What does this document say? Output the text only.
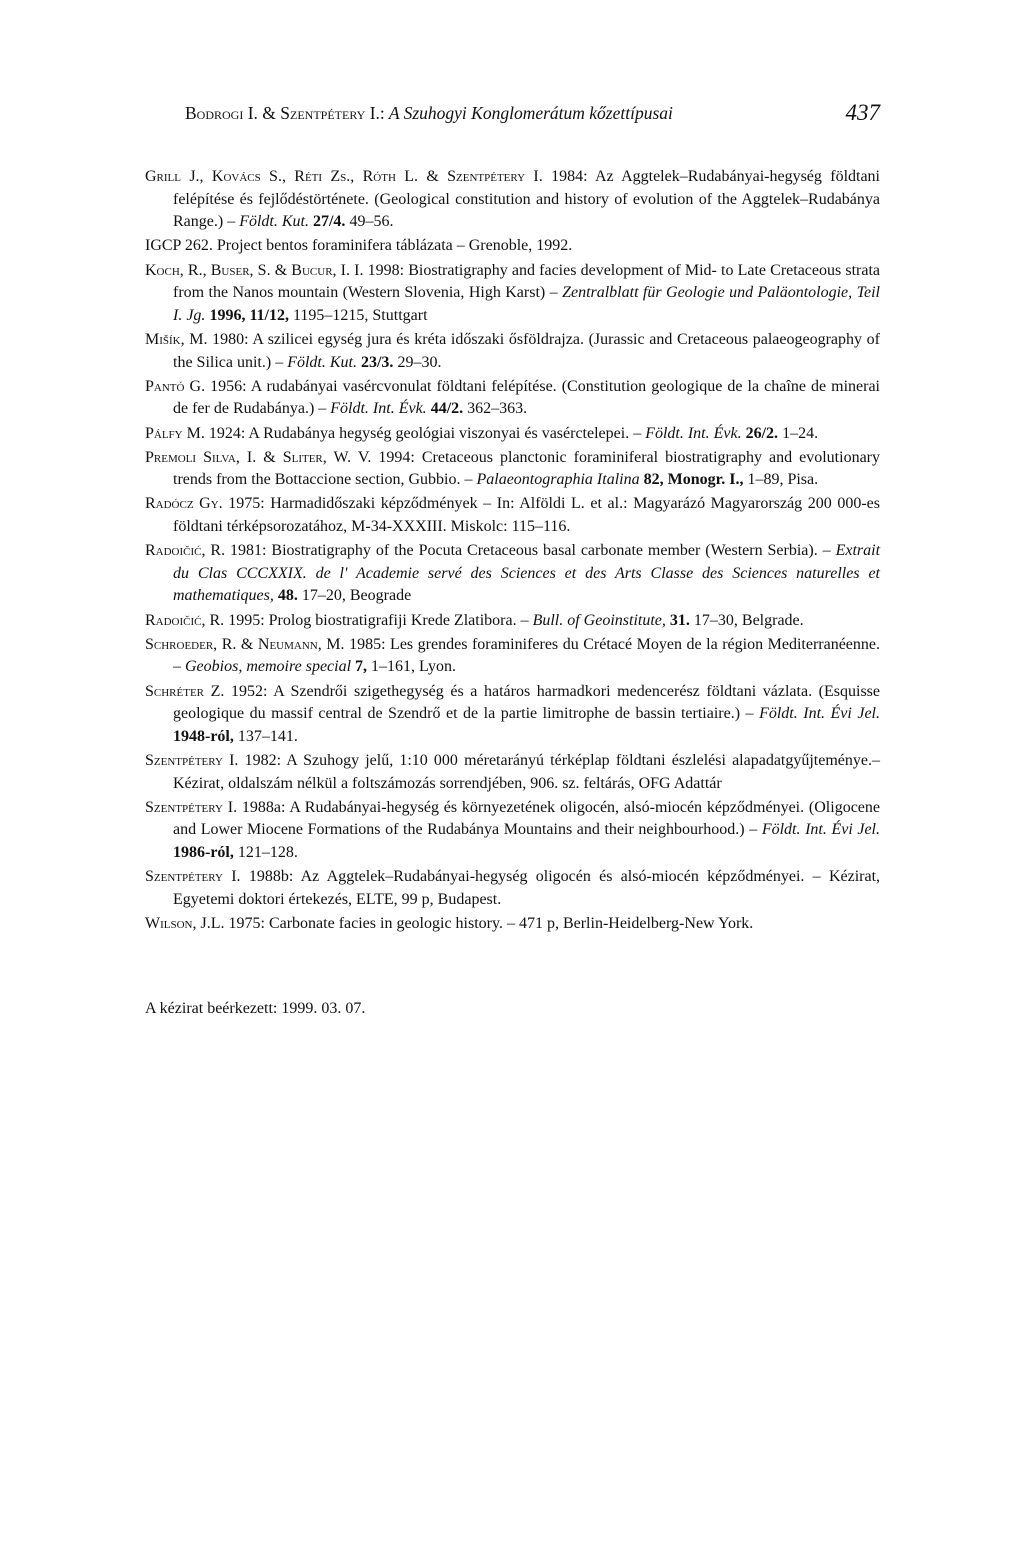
Bodrogi I. & Szentpétery I.: A Szuhogyi Konglomerátum kőzettípusai	437

Grill J., Kovács S., Réti Zs., Róth L. & Szentpétery I. 1984: Az Aggtelek–Rudabányai-hegység földtani felépítése és fejlődéstörténete. (Geological constitution and history of evolution of the Aggtelek–Rudabánya Range.) – Földt. Kut. 27/4. 49–56.

IGCP 262. Project bentos foraminifera táblázata – Grenoble, 1992.

Koch, R., Buser, S. & Bucur, I. I. 1998: Biostratigraphy and facies development of Mid- to Late Cretaceous strata from the Nanos mountain (Western Slovenia, High Karst) – Zentralblatt für Geologie und Paläontologie, Teil I. Jg. 1996, 11/12, 1195–1215, Stuttgart

Mišík, M. 1980: A szilicei egység jura és kréta időszaki ősföldrajza. (Jurassic and Cretaceous palaeogeography of the Silica unit.) – Földt. Kut. 23/3. 29–30.

Pantó G. 1956: A rudabányai vasércvonulat földtani felépítése. (Constitution geologique de la chaîne de minerai de fer de Rudabánya.) – Földt. Int. Évk. 44/2. 362–363.

Pálfy M. 1924: A Rudabánya hegység geológiai viszonyai és vasérctelepei. – Földt. Int. Évk. 26/2. 1–24.

Premoli Silva, I. & Sliter, W. V. 1994: Cretaceous planctonic foraminiferal biostratigraphy and evolutionary trends from the Bottaccione section, Gubbio. – Palaeontographia Italina 82, Monogr. I., 1–89, Pisa.

Radócz Gy. 1975: Harmadidőszaki képződmények – In: Alföldi L. et al.: Magyarázó Magyarország 200 000-es földtani térképsorozatához, M-34-XXXIII. Miskolc: 115–116.

Radoičić, R. 1981: Biostratigraphy of the Pocuta Cretaceous basal carbonate member (Western Serbia). – Extrait du Clas CCCXXIX. de l' Academie servé des Sciences et des Arts Classe des Sciences naturelles et mathematiques, 48. 17–20, Beograde

Radoičić, R. 1995: Prolog biostratigrafiji Krede Zlatibora. – Bull. of Geoinstitute, 31. 17–30, Belgrade.

Schroeder, R. & Neumann, M. 1985: Les grendes foraminiferes du Crétacé Moyen de la région Mediterranéenne. – Geobios, memoire special 7, 1–161, Lyon.

Schréter Z. 1952: A Szendrői szigethegység és a határos harmadkori medencerész földtani vázlata. (Esquisse geologique du massif central de Szendrő et de la partie limitrophe de bassin tertiaire.) – Földt. Int. Évi Jel. 1948-ról, 137–141.

Szentpétery I. 1982: A Szuhogy jelű, 1:10 000 méretarányú térképlap földtani észlelési alapadatgyűjteménye.– Kézirat, oldalszám nélkül a foltszámozás sorrendjében, 906. sz. feltárás, OFG Adattár

Szentpétery I. 1988a: A Rudabányai-hegység és környezetének oligocén, alsó-miocén képződményei. (Oligocene and Lower Miocene Formations of the Rudabánya Mountains and their neighbourhood.) – Földt. Int. Évi Jel. 1986-ról, 121–128.

Szentpétery I. 1988b: Az Aggtelek–Rudabányai-hegység oligocén és alsó-miocén képződményei. – Kézirat, Egyetemi doktori értekezés, ELTE, 99 p, Budapest.

Wilson, J.L. 1975: Carbonate facies in geologic history. – 471 p, Berlin-Heidelberg-New York.

A kézirat beérkezett: 1999. 03. 07.
